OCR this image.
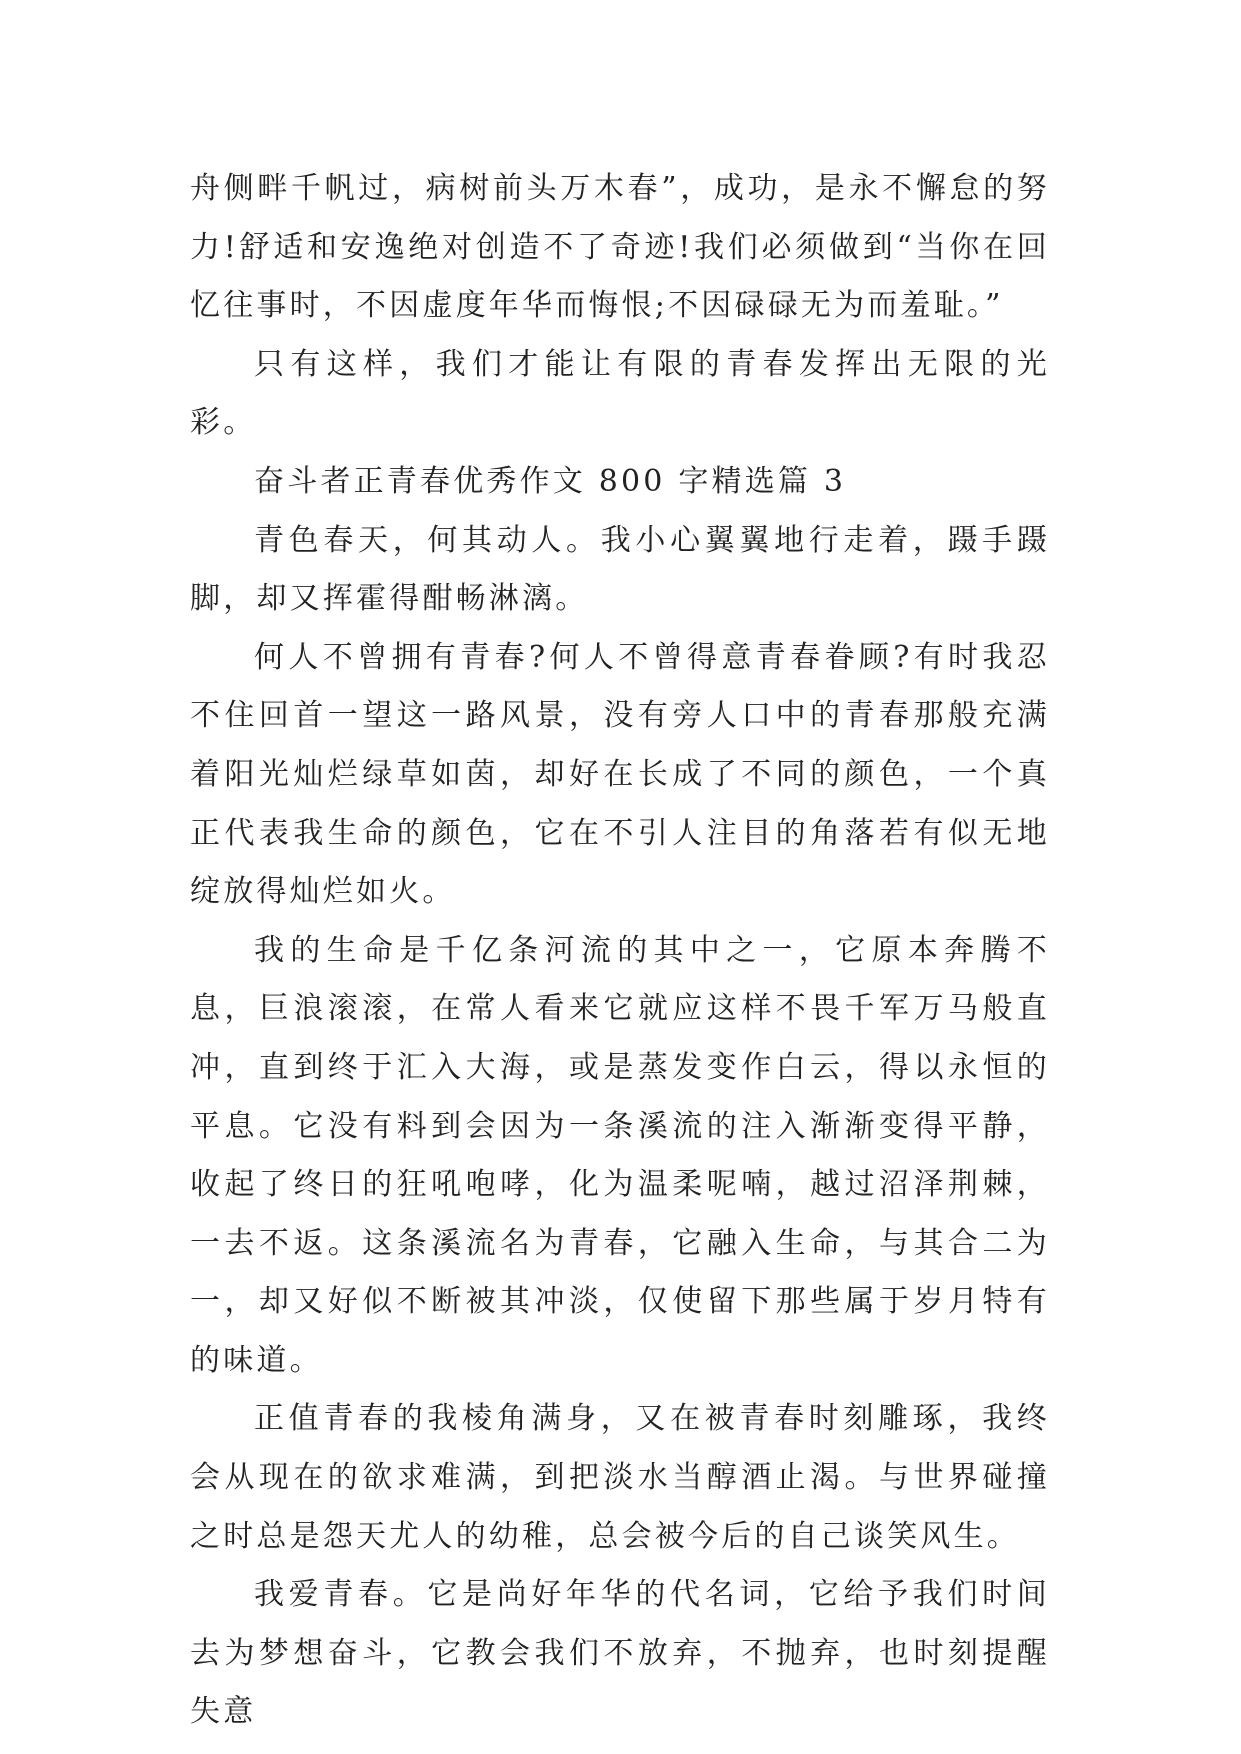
舟侧畔千帆过，病树前头万木春”，成功，是永不懈怠的努力!舒适和安逸绝对创造不了奇迹!我们必须做到“当你在回忆往事时，不因虚度年华而悔恨;不因碌碌无为而羞耻。”

只有这样，我们才能让有限的青春发挥出无限的光彩。

奋斗者正青春优秀作文 800 字精选篇 3

青色春天，何其动人。我小心翼翼地行走着，蹑手蹑脚，却又挥霍得酣畅淋漓。

何人不曾拥有青春?何人不曾得意青春眷顾?有时我忍不住回首一望这一路风景，没有旁人口中的青春那般充满着阳光灿烂绿草如茵，却好在长成了不同的颜色，一个真正代表我生命的颜色，它在不引人注目的角落若有似无地绽放得灿烂如火。

我的生命是千亿条河流的其中之一，它原本奔腾不息，巨浪滚滚，在常人看来它就应这样不畏千军万马般直冲，直到终于汇入大海，或是蒸发变作白云，得以永恒的平息。它没有料到会因为一条溪流的注入渐渐变得平静，收起了终日的狂吼咆哮，化为温柔呢喃，越过沼泽荆棘，一去不返。这条溪流名为青春，它融入生命，与其合二为一，却又好似不断被其冲淡，仅使留下那些属于岁月特有的味道。

正值青春的我棱角满身，又在被青春时刻雕琢，我终会从现在的欲求难满，到把淡水当醇酒止渴。与世界碰撞之时总是怨天尤人的幼稚，总会被今后的自己谈笑风生。

我爱青春。它是尚好年华的代名词，它给予我们时间去为梦想奋斗，它教会我们不放弃，不抛弃，也时刻提醒失意
